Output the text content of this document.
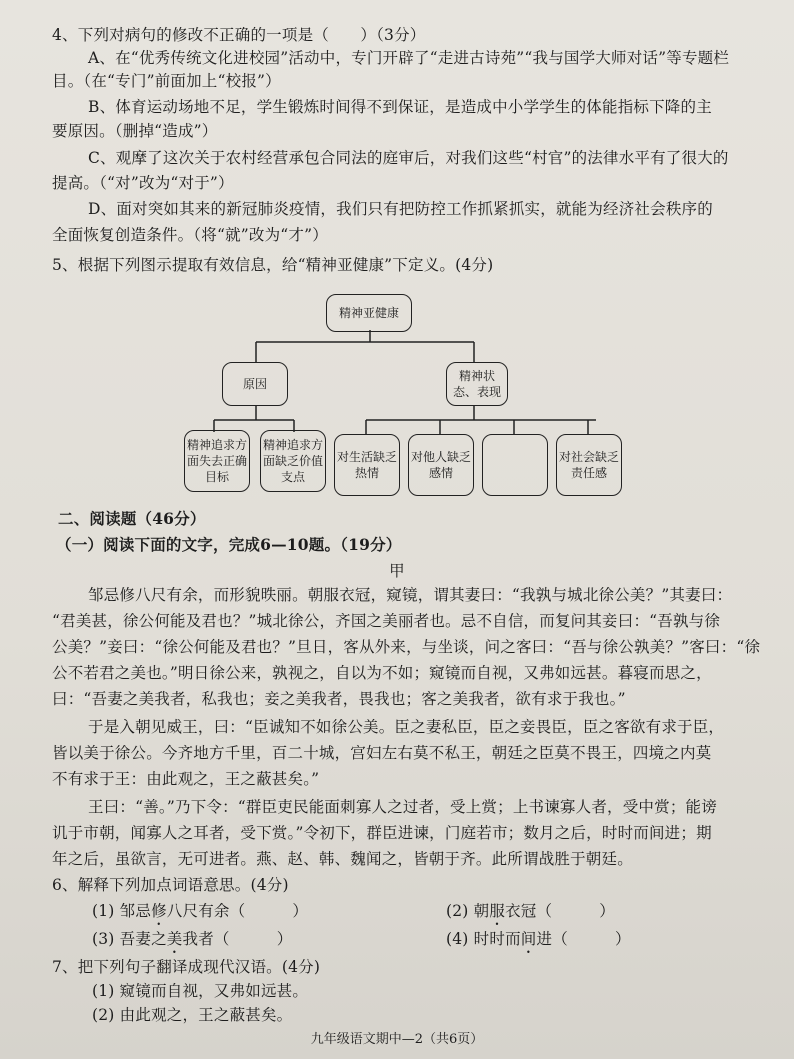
4、下列对病句的修改不正确的一项是（　　）（3分）
A、在“优秀传统文化进校园”活动中，专门开辟了“走进古诗苑”“我与国学大师对话”等专题栏
目。（在“专门”前面加上“校报”）
B、体育运动场地不足，学生锻炼时间得不到保证，是造成中小学学生的体能指标下降的主
要原因。（删掉“造成”）
C、观摩了这次关于农村经营承包合同法的庭审后，对我们这些“村官”的法律水平有了很大的
提高。（“对”改为“对于”）
D、面对突如其来的新冠肺炎疫情，我们只有把防控工作抓紧抓实，就能为经济社会秩序的
全面恢复创造条件。（将“就”改为“才”）
5、根据下列图示提取有效信息，给“精神亚健康”下定义。(4分)
精神亚健康
原因
精神状态、表现
精神追求方面失去正确目标
精神追求方面缺乏价值支点
对生活缺乏热情
对他人缺乏感情
对社会缺乏责任感
二、阅读题（46分）
（一）阅读下面的文字，完成6—10题。（19分）
甲
邹忌修八尺有余，而形貌昳丽。朝服衣冠，窥镜，谓其妻曰：“我孰与城北徐公美？”其妻曰：
“君美甚，徐公何能及君也？”城北徐公，齐国之美丽者也。忌不自信，而复问其妾曰：“吾孰与徐
公美？”妾曰：“徐公何能及君也？”旦日，客从外来，与坐谈，问之客曰：“吾与徐公孰美？”客曰：“徐
公不若君之美也。”明日徐公来，孰视之，自以为不如；窥镜而自视，又弗如远甚。暮寝而思之，
曰：“吾妻之美我者，私我也；妾之美我者，畏我也；客之美我者，欲有求于我也。”
于是入朝见威王，曰：“臣诚知不如徐公美。臣之妻私臣，臣之妾畏臣，臣之客欲有求于臣，
皆以美于徐公。今齐地方千里，百二十城，宫妇左右莫不私王，朝廷之臣莫不畏王，四境之内莫
不有求于王：由此观之，王之蔽甚矣。”
王曰：“善。”乃下令：“群臣吏民能面刺寡人之过者，受上赏；上书谏寡人者，受中赏；能谤
讥于市朝，闻寡人之耳者，受下赏。”令初下，群臣进谏，门庭若市；数月之后，时时而间进；期
年之后，虽欲言，无可进者。燕、赵、韩、魏闻之，皆朝于齐。此所谓战胜于朝廷。
6、解释下列加点词语意思。(4分)
(1) 邹忌修八尺有余（　　　）	(2) 朝服衣冠（　　　）
(3) 吾妻之美我者（　　　）	(4) 时时而间进（　　　）
7、把下列句子翻译成现代汉语。(4分)
(1) 窥镜而自视，又弗如远甚。
(2) 由此观之，王之蔽甚矣。
九年级语文期中—2（共6页）
